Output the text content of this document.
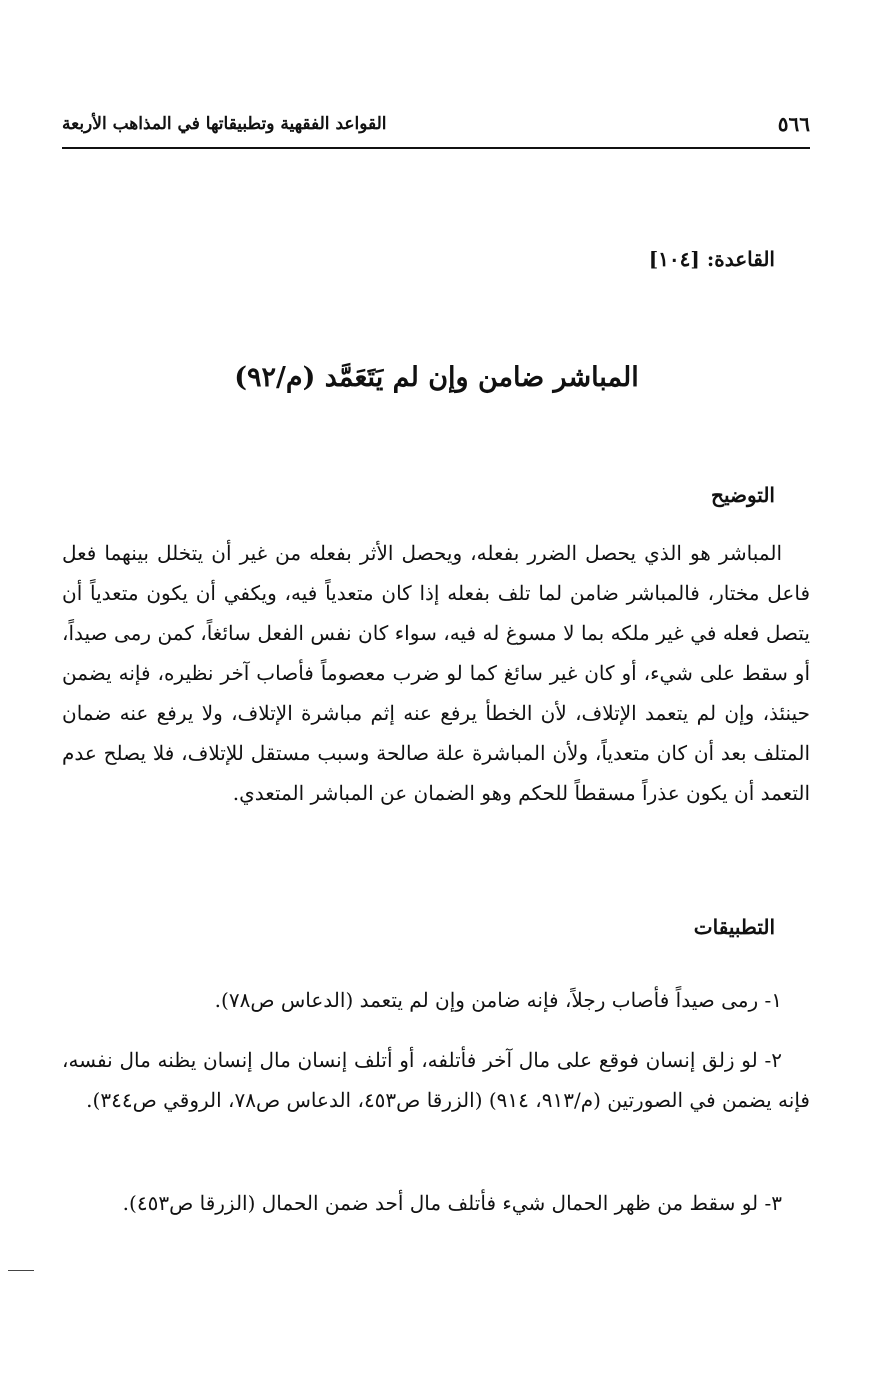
٥٦٦
القواعد الفقهية وتطبيقاتها في المذاهب الأربعة
القاعدة: [١٠٤]
المباشر ضامن وإن لم يَتَعَمَّد (م/٩٢)
التوضيح

المباشر هو الذي يحصل الضرر بفعله، ويحصل الأثر بفعله من غير أن يتخلل بينهما فعل فاعل مختار، فالمباشر ضامن لما تلف بفعله إذا كان متعدياً فيه، ويكفي أن يكون متعدياً أن يتصل فعله في غير ملكه بما لا مسوغ له فيه، سواء كان نفس الفعل سائغاً، كمن رمى صيداً، أو سقط على شيء، أو كان غير سائغ كما لو ضرب معصوماً فأصاب آخر نظيره، فإنه يضمن حينئذ، وإن لم يتعمد الإتلاف، لأن الخطأ يرفع عنه إثم مباشرة الإتلاف، ولا يرفع عنه ضمان المتلف بعد أن كان متعدياً، ولأن المباشرة علة صالحة وسبب مستقل للإتلاف، فلا يصلح عدم التعمد أن يكون عذراً مسقطاً للحكم وهو الضمان عن المباشر المتعدي.

التطبيقات

١- رمى صيداً فأصاب رجلاً، فإنه ضامن وإن لم يتعمد (الدعاس ص٧٨).

٢- لو زلق إنسان فوقع على مال آخر فأتلفه، أو أتلف إنسان مال إنسان يظنه مال نفسه، فإنه يضمن في الصورتين (م/٩١٣، ٩١٤) (الزرقا ص٤٥٣، الدعاس ص٧٨، الروقي ص٣٤٤).

٣- لو سقط من ظهر الحمال شيء فأتلف مال أحد ضمن الحمال (الزرقا ص٤٥٣).
